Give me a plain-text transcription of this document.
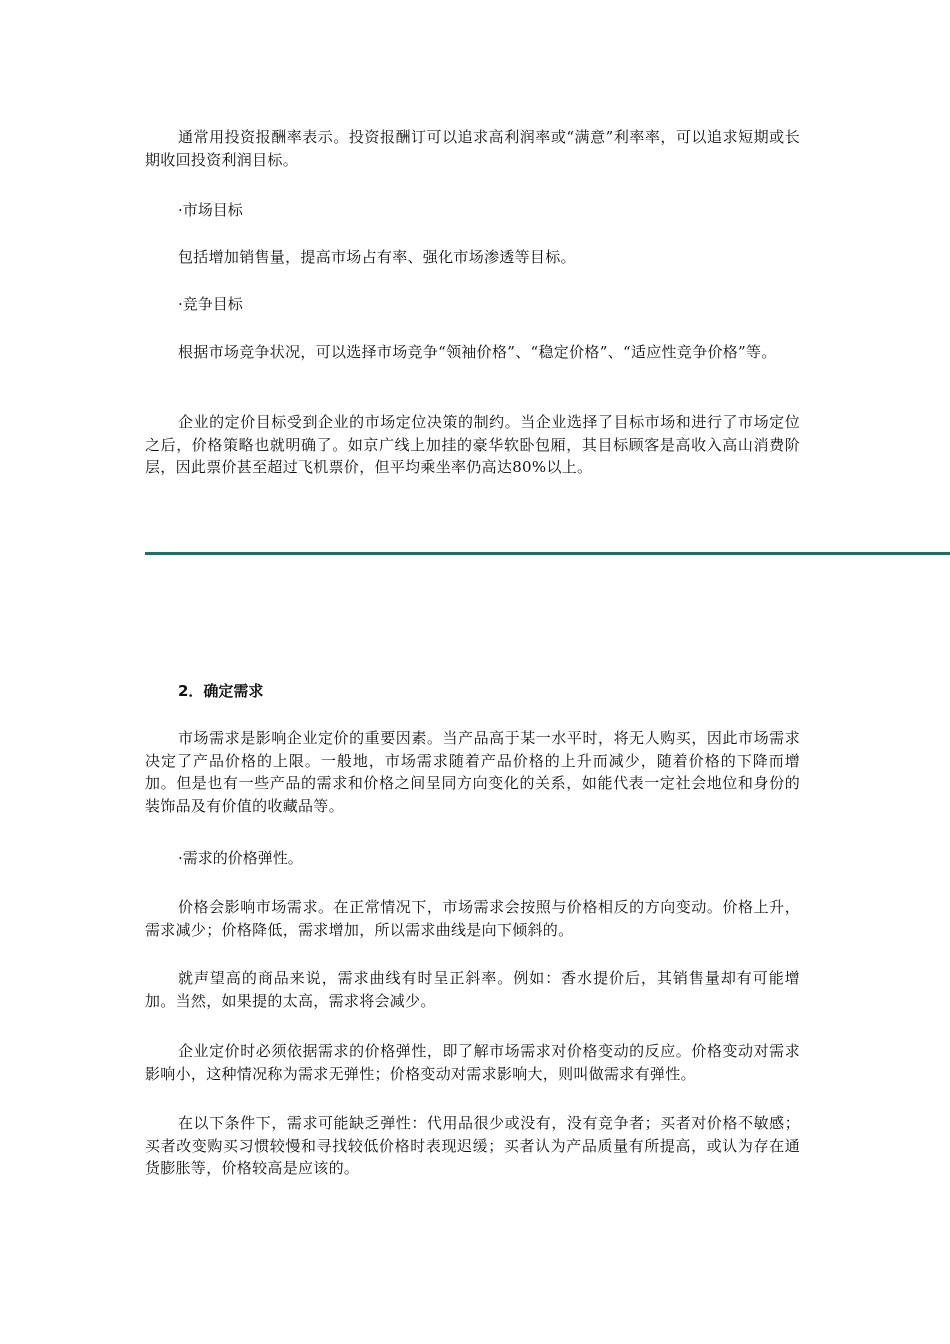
通常用投资报酬率表示。投资报酬订可以追求高利润率或“满意”利率率，可以追求短期或长期收回投资利润目标。

·市场目标

包括增加销售量，提高市场占有率、强化市场渗透等目标。

·竞争目标

根据市场竞争状况，可以选择市场竞争“领袖价格”、“稳定价格”、“适应性竞争价格”等。

企业的定价目标受到企业的市场定位决策的制约。当企业选择了目标市场和进行了市场定位之后，价格策略也就明确了。如京广线上加挂的豪华软卧包厢，其目标顾客是高收入高山消费阶层，因此票价甚至超过飞机票价，但平均乘坐率仍高达80%以上。

2．确定需求

市场需求是影响企业定价的重要因素。当产品高于某一水平时，将无人购买，因此市场需求决定了产品价格的上限。一般地，市场需求随着产品价格的上升而减少，随着价格的下降而增加。但是也有一些产品的需求和价格之间呈同方向变化的关系，如能代表一定社会地位和身份的装饰品及有价值的收藏品等。

·需求的价格弹性。

价格会影响市场需求。在正常情况下，市场需求会按照与价格相反的方向变动。价格上升，需求减少；价格降低，需求增加，所以需求曲线是向下倾斜的。

就声望高的商品来说，需求曲线有时呈正斜率。例如：香水提价后，其销售量却有可能增加。当然，如果提的太高，需求将会减少。

企业定价时必须依据需求的价格弹性，即了解市场需求对价格变动的反应。价格变动对需求影响小，这种情况称为需求无弹性；价格变动对需求影响大，则叫做需求有弹性。

在以下条件下，需求可能缺乏弹性：代用品很少或没有，没有竞争者；买者对价格不敏感；买者改变购买习惯较慢和寻找较低价格时表现迟缓；买者认为产品质量有所提高，或认为存在通货膨胀等，价格较高是应该的。
